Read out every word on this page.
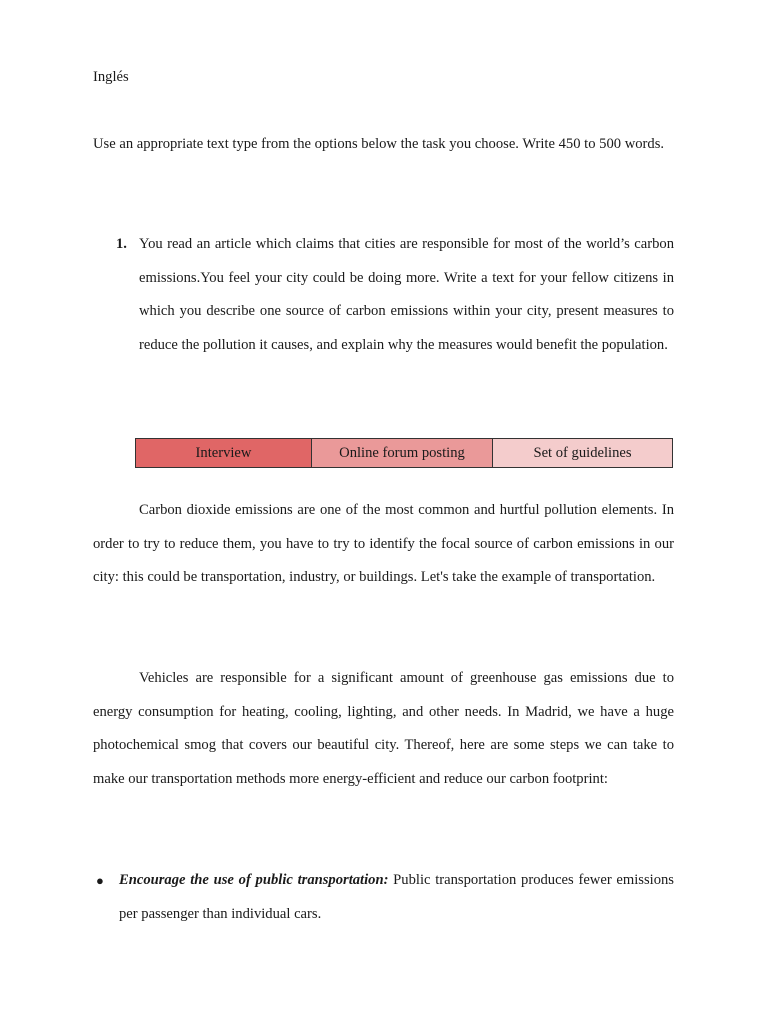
Inglés
Use an appropriate text type from the options below the task you choose. Write 450 to 500 words.
1. You read an article which claims that cities are responsible for most of the world’s carbon emissions.You feel your city could be doing more. Write a text for your fellow citizens in which you describe one source of carbon emissions within your city, present measures to reduce the pollution it causes, and explain why the measures would benefit the population.
Interview	Online forum posting	Set of guidelines
Carbon dioxide emissions are one of the most common and hurtful pollution elements. In order to try to reduce them, you have to try to identify the focal source of carbon emissions in our city: this could be transportation, industry, or buildings. Let's take the example of transportation.
Vehicles are responsible for a significant amount of greenhouse gas emissions due to energy consumption for heating, cooling, lighting, and other needs. In Madrid, we have a huge photochemical smog that covers our beautiful city. Thereof, here are some steps we can take to make our transportation methods more energy-efficient and reduce our carbon footprint:
● Encourage the use of public transportation: Public transportation produces fewer emissions per passenger than individual cars.
